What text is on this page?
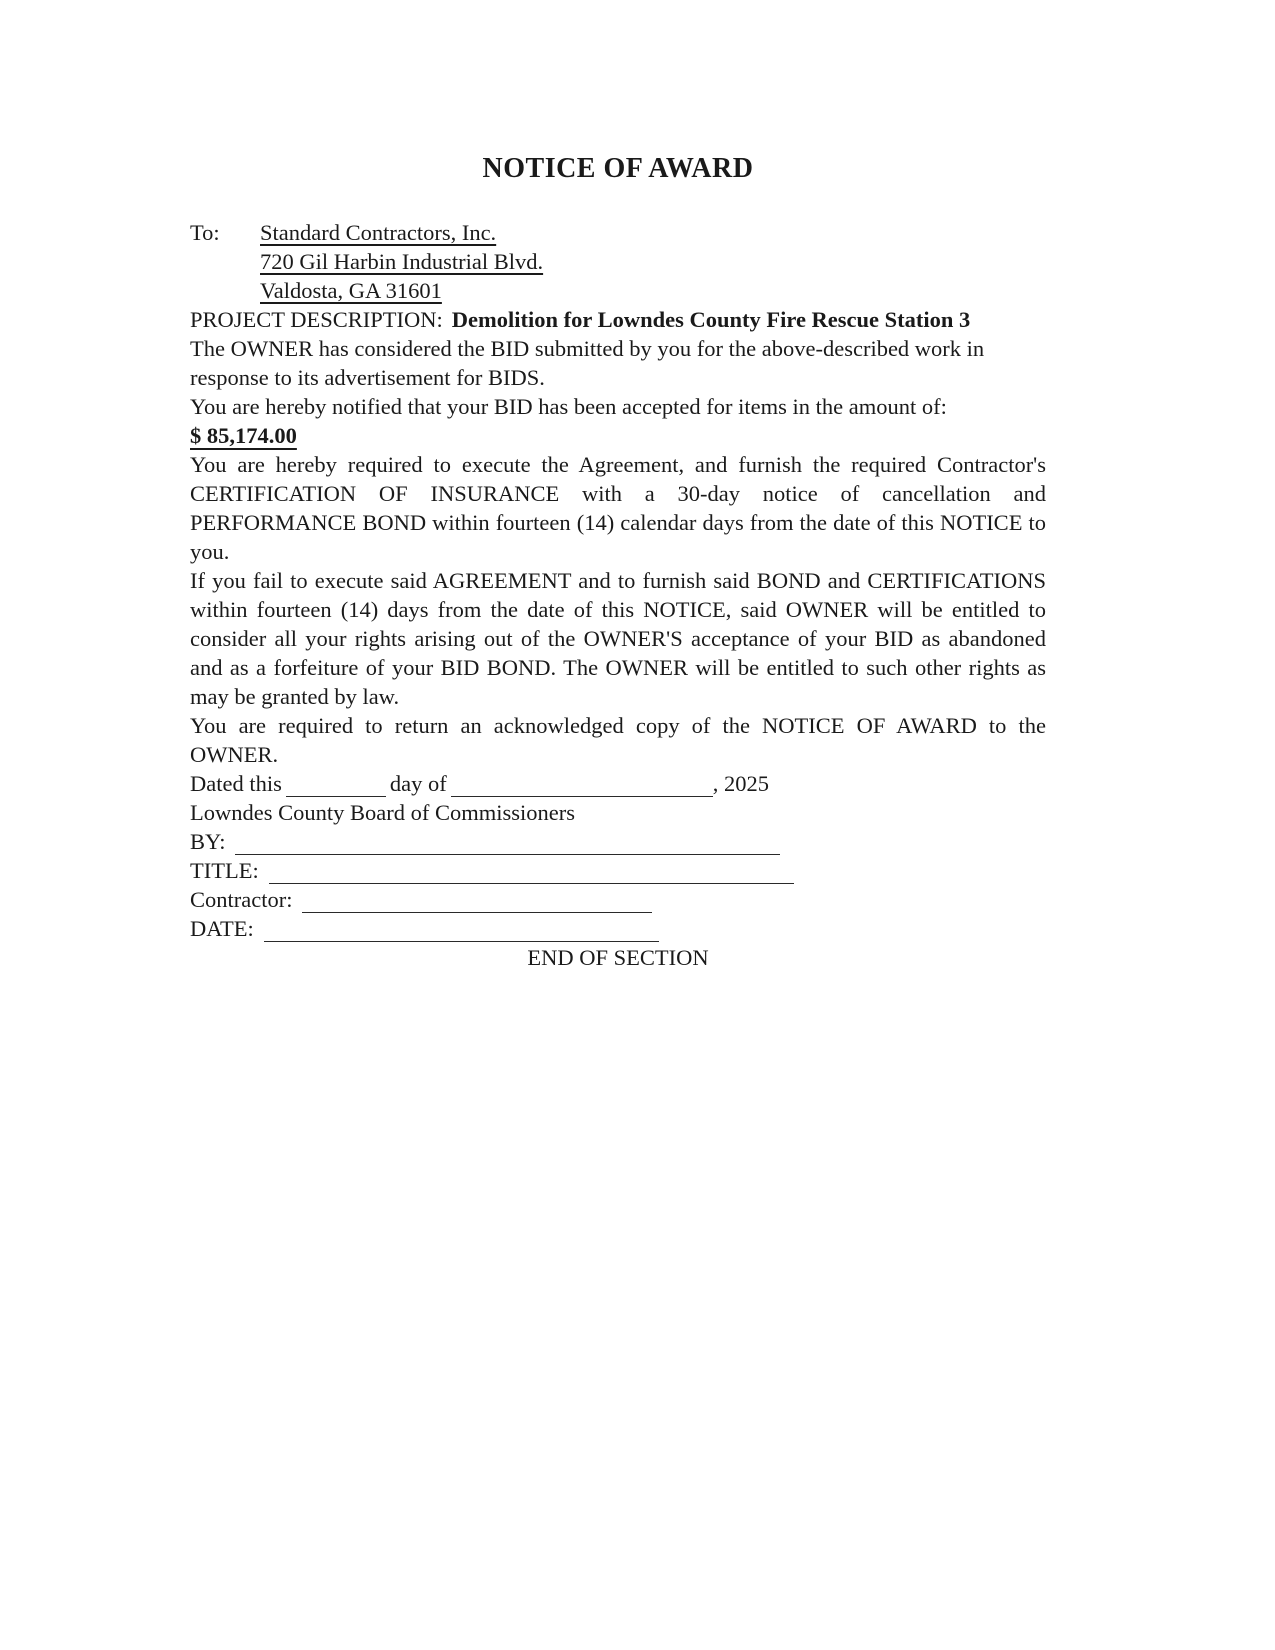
NOTICE OF AWARD
To:	Standard Contractors, Inc.
720 Gil Harbin Industrial Blvd.
Valdosta, GA 31601

PROJECT DESCRIPTION: Demolition for Lowndes County Fire Rescue Station 3

The OWNER has considered the BID submitted by you for the above-described work in response to its advertisement for BIDS.

You are hereby notified that your BID has been accepted for items in the amount of:

$ 85,174.00

You are hereby required to execute the Agreement, and furnish the required Contractor's CERTIFICATION OF INSURANCE with a 30-day notice of cancellation and PERFORMANCE BOND within fourteen (14) calendar days from the date of this NOTICE to you.

If you fail to execute said AGREEMENT and to furnish said BOND and CERTIFICATIONS within fourteen (14) days from the date of this NOTICE, said OWNER will be entitled to consider all your rights arising out of the OWNER'S acceptance of your BID as abandoned and as a forfeiture of your BID BOND. The OWNER will be entitled to such other rights as may be granted by law.

You are required to return an acknowledged copy of the NOTICE OF AWARD to the OWNER.

Dated this	day of	, 2025

Lowndes County Board of Commissioners

BY:

TITLE:

Contractor:

DATE:

END OF SECTION
